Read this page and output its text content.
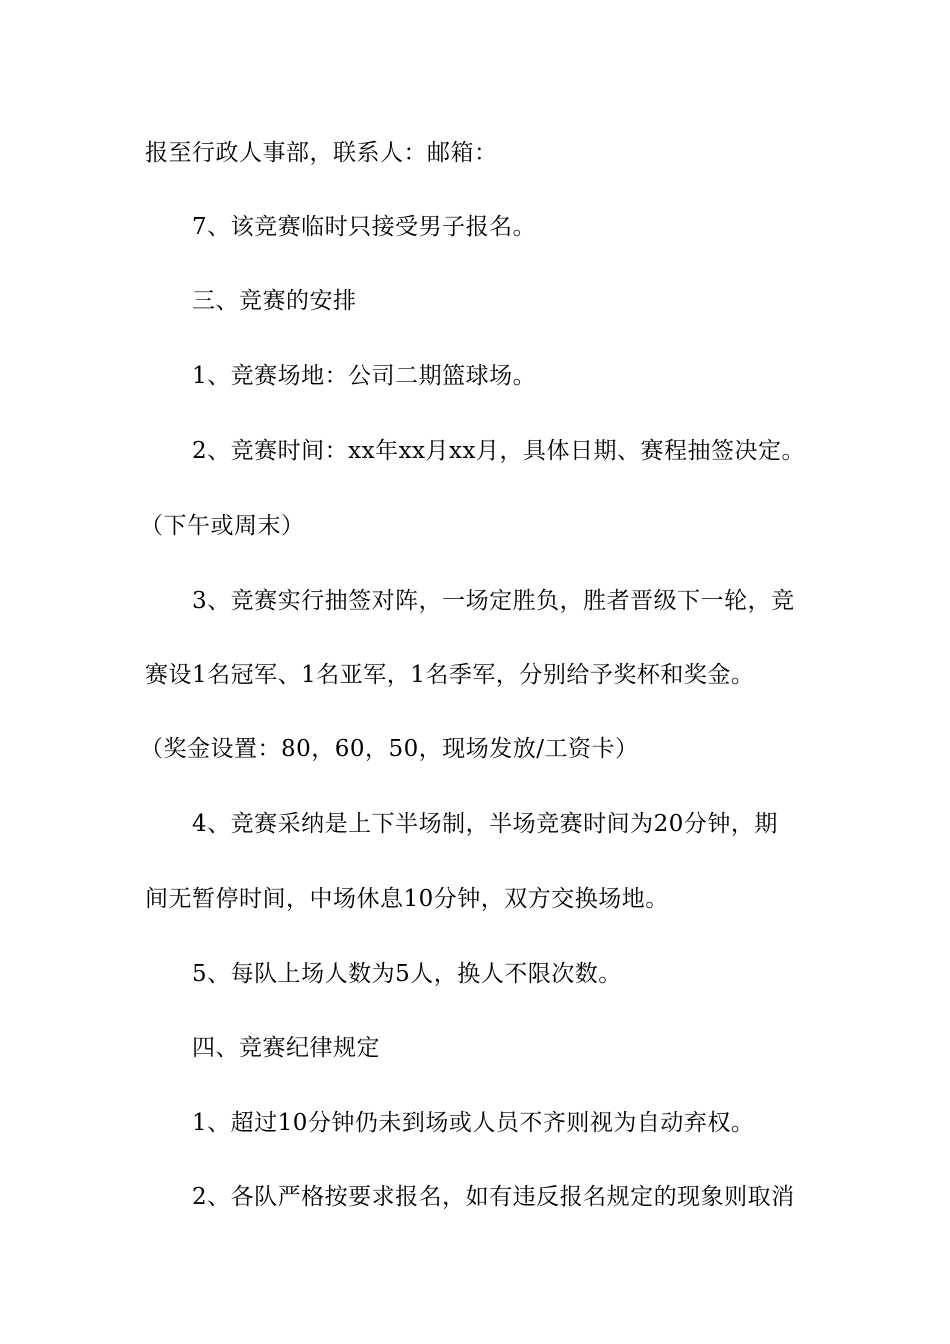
报至行政人事部，联系人：邮箱：
7、该竞赛临时只接受男子报名。
三、竞赛的安排
1、竞赛场地：公司二期篮球场。
2、竞赛时间：xx年xx月xx月，具体日期、赛程抽签决定。
（下午或周末）
3、竞赛实行抽签对阵，一场定胜负，胜者晋级下一轮，竞
赛设1名冠军、1名亚军，1名季军，分别给予奖杯和奖金。
（奖金设置：80，60，50，现场发放/工资卡）
4、竞赛采纳是上下半场制，半场竞赛时间为20分钟，期
间无暂停时间，中场休息10分钟，双方交换场地。
5、每队上场人数为5人，换人不限次数。
四、竞赛纪律规定
1、超过10分钟仍未到场或人员不齐则视为自动弃权。
2、各队严格按要求报名，如有违反报名规定的现象则取消
